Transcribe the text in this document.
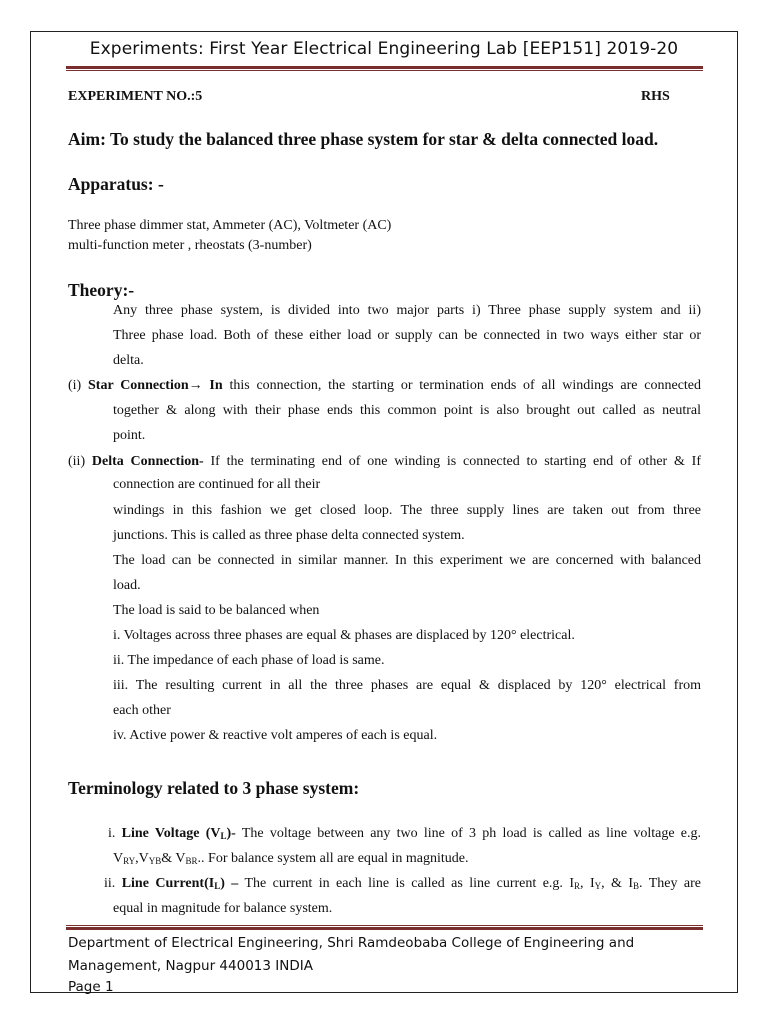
Experiments: First Year Electrical Engineering Lab [EEP151] 2019-20
EXPERIMENT NO.:5	RHS
Aim: To study the balanced three phase system for star & delta connected load.
Apparatus: -
Three phase dimmer stat, Ammeter (AC), Voltmeter (AC)
multi-function meter , rheostats (3-number)
Theory:-
Any three phase system, is divided into two major parts i) Three phase supply system and ii)
Three phase load. Both of these either load or supply can be connected in two ways either star or
delta.
(i) Star Connection→ In this connection, the starting or termination ends of all windings are connected
together & along with their phase ends this common point is also brought out called as neutral
point.
(ii) Delta Connection- If the terminating end of one winding is connected to starting end of other & If
connection are continued for all their
windings in this fashion we get closed loop. The three supply lines are taken out from three
junctions. This is called as three phase delta connected system.
The load can be connected in similar manner. In this experiment we are concerned with balanced
load.
The load is said to be balanced when
i. Voltages across three phases are equal & phases are displaced by 120° electrical.
ii. The impedance of each phase of load is same.
iii. The resulting current in all the three phases are equal & displaced by 120° electrical from
each other
iv. Active power & reactive volt amperes of each is equal.
Terminology related to 3 phase system:
i. Line Voltage $(V_L)-$ The voltage between any two line of 3 ph load is called as line voltage e.g.
$V_{RY},V_{YB}\&$ $V_{BR}$.. For balance system all are equal in magnitude.
ii. Line $Current(I_L)$ – The current in each line is called as line current e.g. $I_R$, $I_Y$, & $I_B$. They are
equal in magnitude for balance system.
Department of Electrical Engineering, Shri Ramdeobaba College of Engineering and
Management, Nagpur 440013 INDIA
Page 1
